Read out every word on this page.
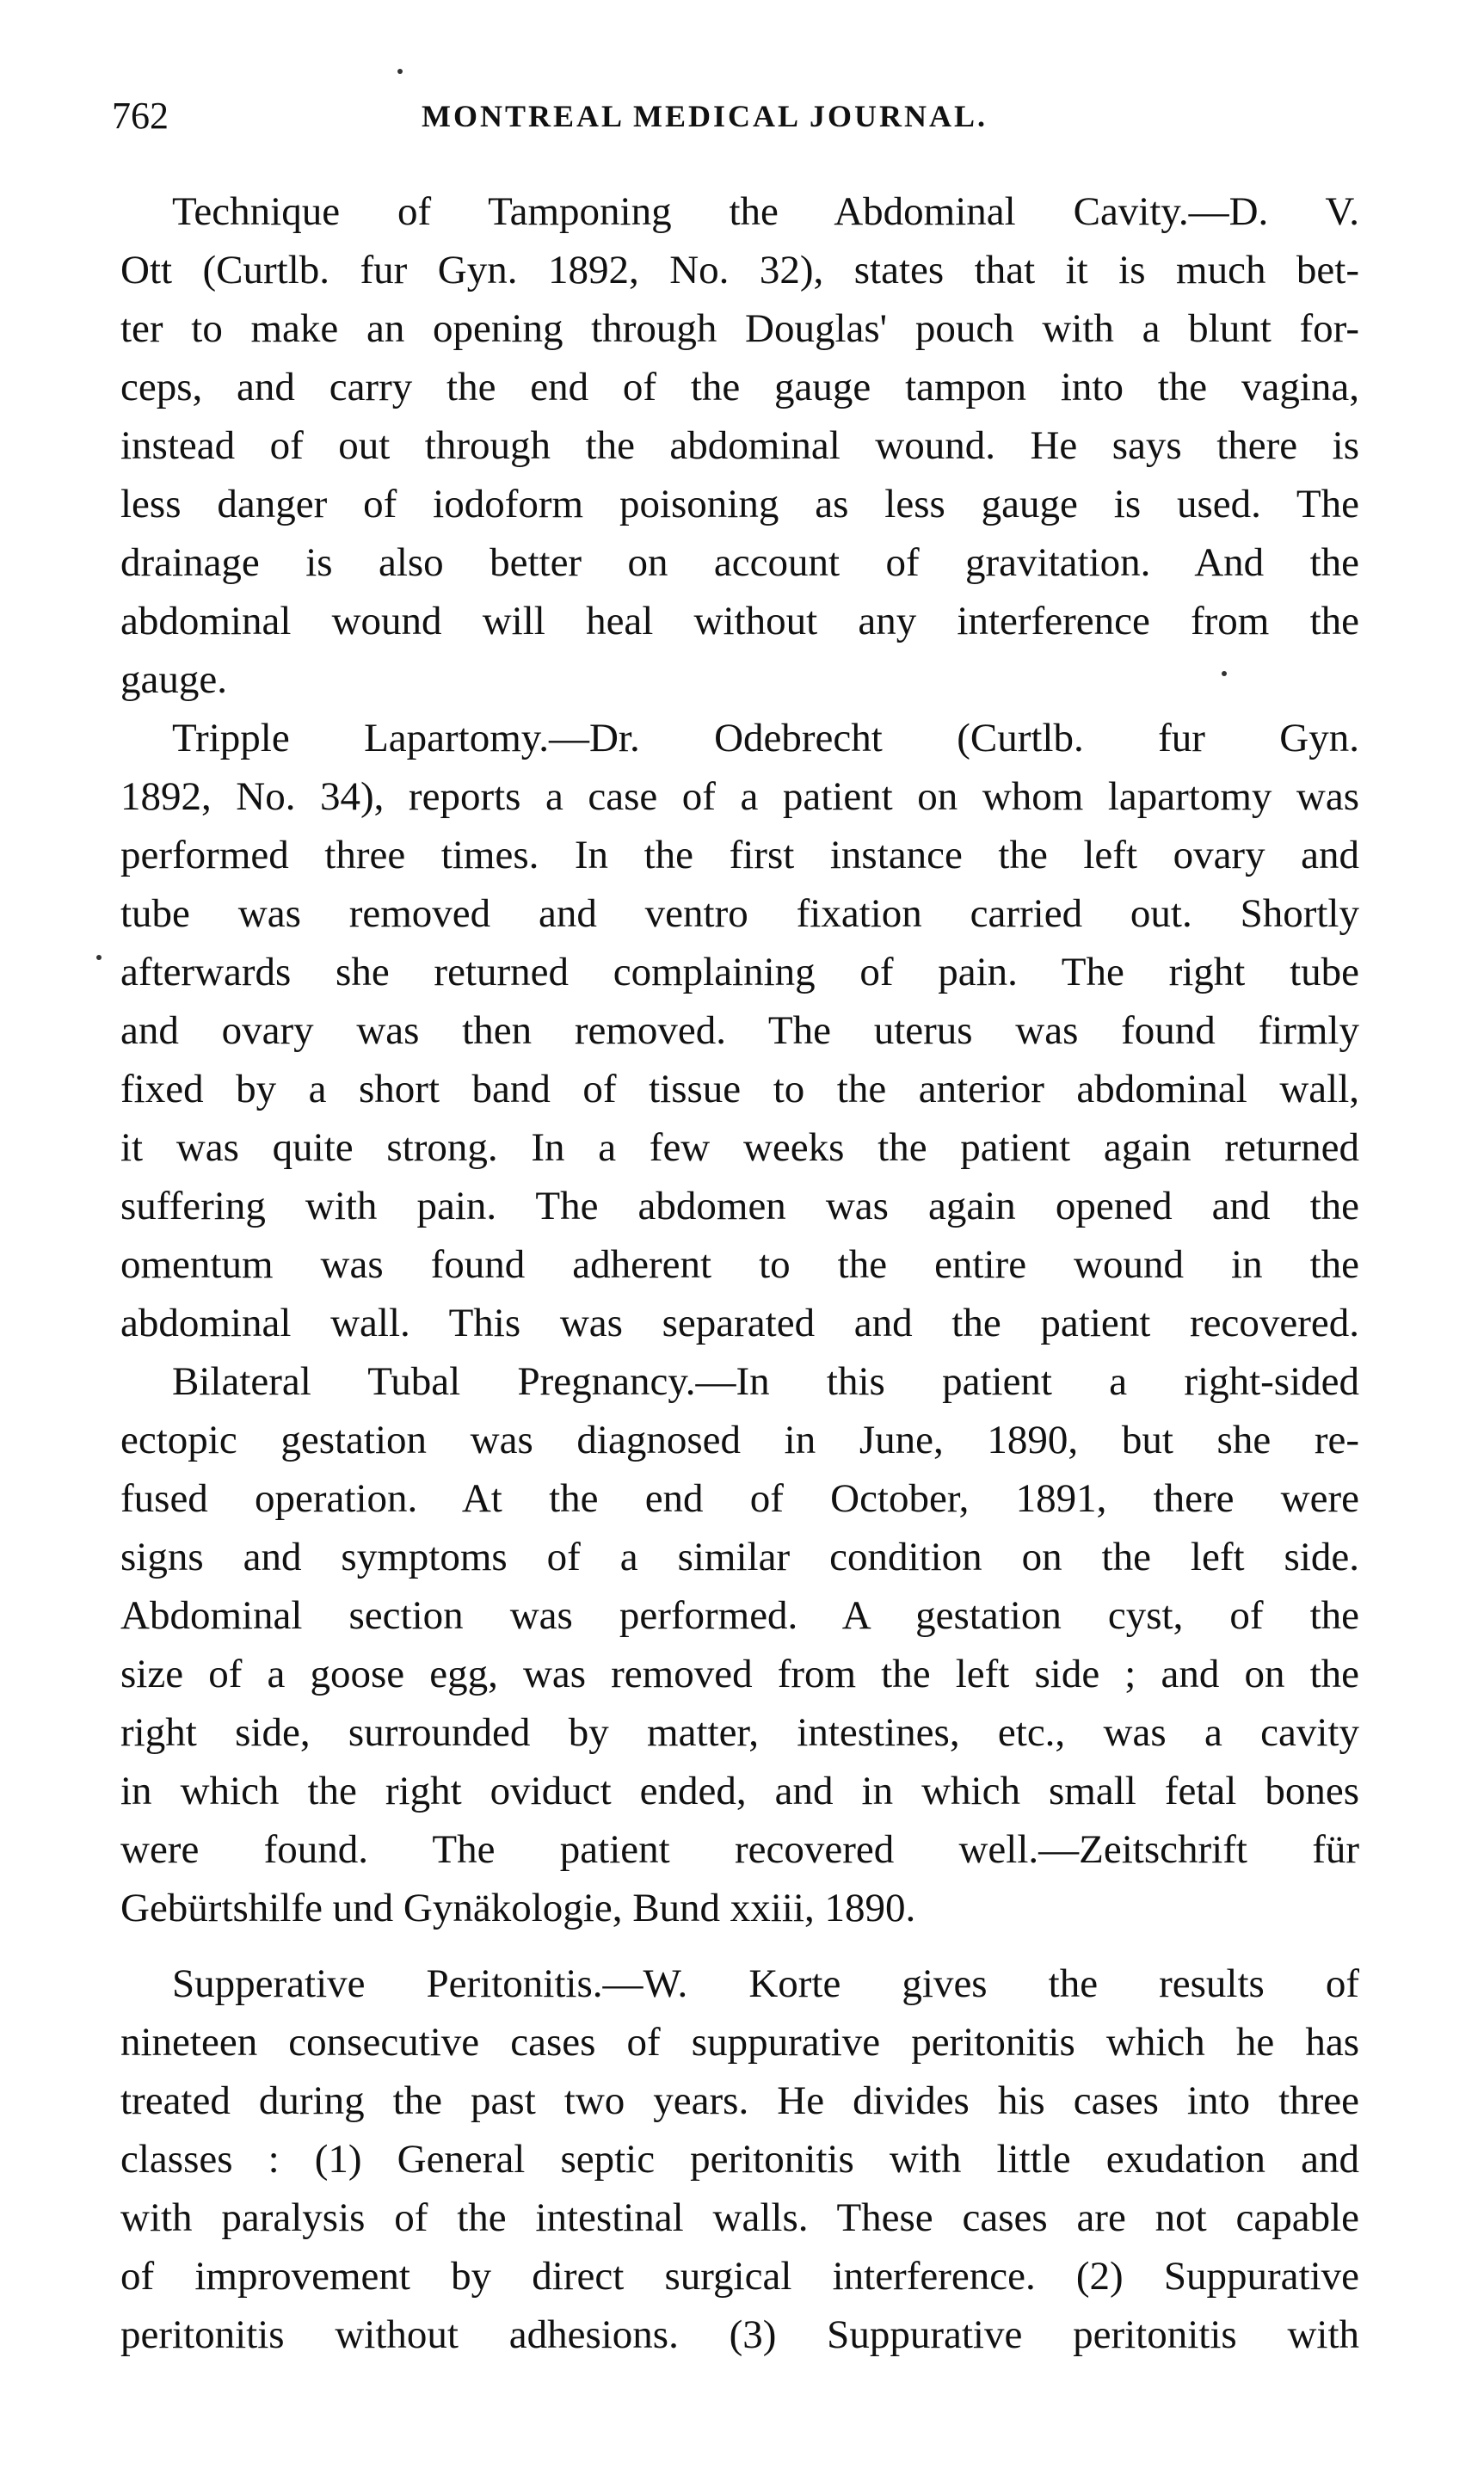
762	MONTREAL MEDICAL JOURNAL.
Technique of Tamponing the Abdominal Cavity.—D. V.
Ott (Curtlb. fur Gyn. 1892, No. 32), states that it is much bet-
ter to make an opening through Douglas' pouch with a blunt for-
ceps, and carry the end of the gauge tampon into the vagina,
instead of out through the abdominal wound. He says there is
less danger of iodoform poisoning as less gauge is used. The
drainage is also better on account of gravitation. And the
abdominal wound will heal without any interference from the
gauge.
Tripple Lapartomy.—Dr. Odebrecht (Curtlb. fur Gyn.
1892, No. 34), reports a case of a patient on whom lapartomy was
performed three times. In the first instance the left ovary and
tube was removed and ventro fixation carried out. Shortly
afterwards she returned complaining of pain. The right tube
and ovary was then removed. The uterus was found firmly
fixed by a short band of tissue to the anterior abdominal wall,
it was quite strong. In a few weeks the patient again returned
suffering with pain. The abdomen was again opened and the
omentum was found adherent to the entire wound in the
abdominal wall. This was separated and the patient recovered.
Bilateral Tubal Pregnancy.—In this patient a right-sided
ectopic gestation was diagnosed in June, 1890, but she re-
fused operation. At the end of October, 1891, there were
signs and symptoms of a similar condition on the left side.
Abdominal section was performed. A gestation cyst, of the
size of a goose egg, was removed from the left side ; and on the
right side, surrounded by matter, intestines, etc., was a cavity
in which the right oviduct ended, and in which small fetal bones
were found. The patient recovered well.—Zeitschrift für
Gebürtshilfe und Gynäkologie, Bund xxiii, 1890.
Supperative Peritonitis.—W. Korte gives the results of
nineteen consecutive cases of suppurative peritonitis which he has
treated during the past two years. He divides his cases into three
classes : (1) General septic peritonitis with little exudation and
with paralysis of the intestinal walls. These cases are not capable
of improvement by direct surgical interference. (2) Suppurative
peritonitis without adhesions. (3) Suppurative peritonitis with
